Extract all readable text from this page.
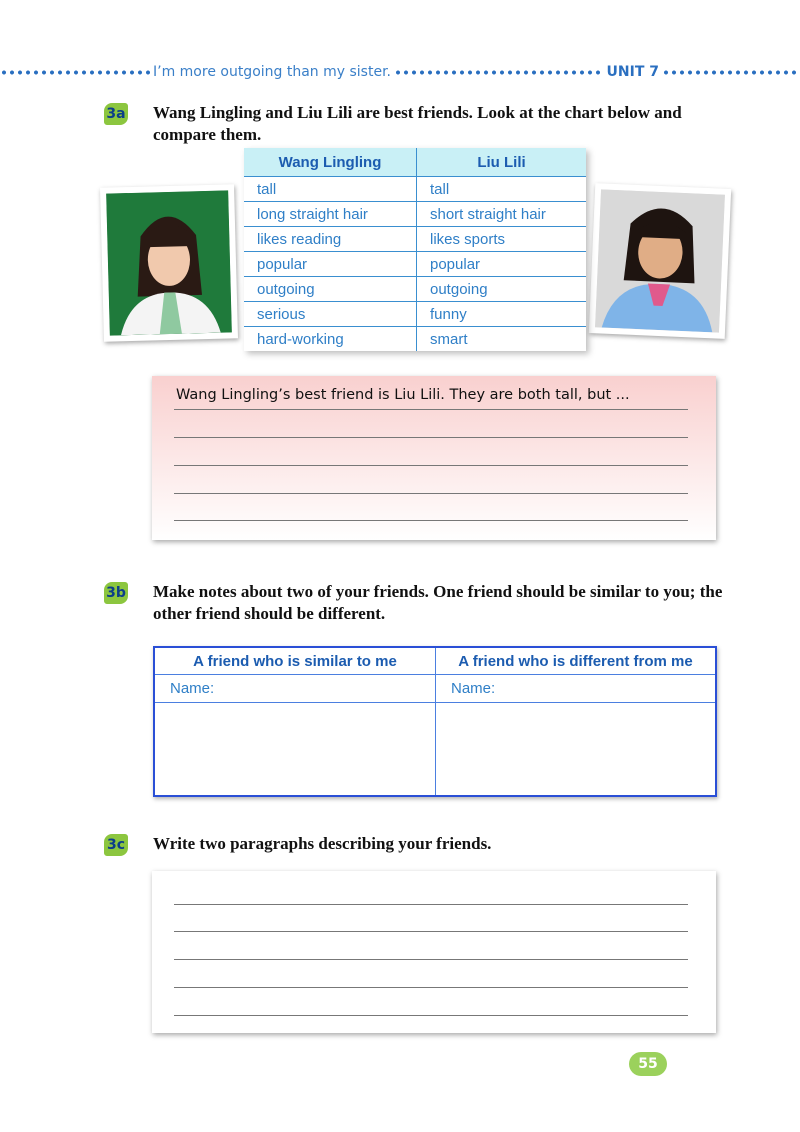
I’m more outgoing than my sister.	UNIT 7
3a Wang Lingling and Liu Lili are best friends. Look at the chart below and compare them.
Wang Lingling	Liu Lili
tall	tall
long straight hair	short straight hair
likes reading	likes sports
popular	popular
outgoing	outgoing
serious	funny
hard-working	smart
Wang Lingling’s best friend is Liu Lili. They are both tall, but ...
3b Make notes about two of your friends. One friend should be similar to you; the other friend should be different.
A friend who is similar to me	A friend who is different from me
Name:	Name:
3c Write two paragraphs describing your friends.
55
